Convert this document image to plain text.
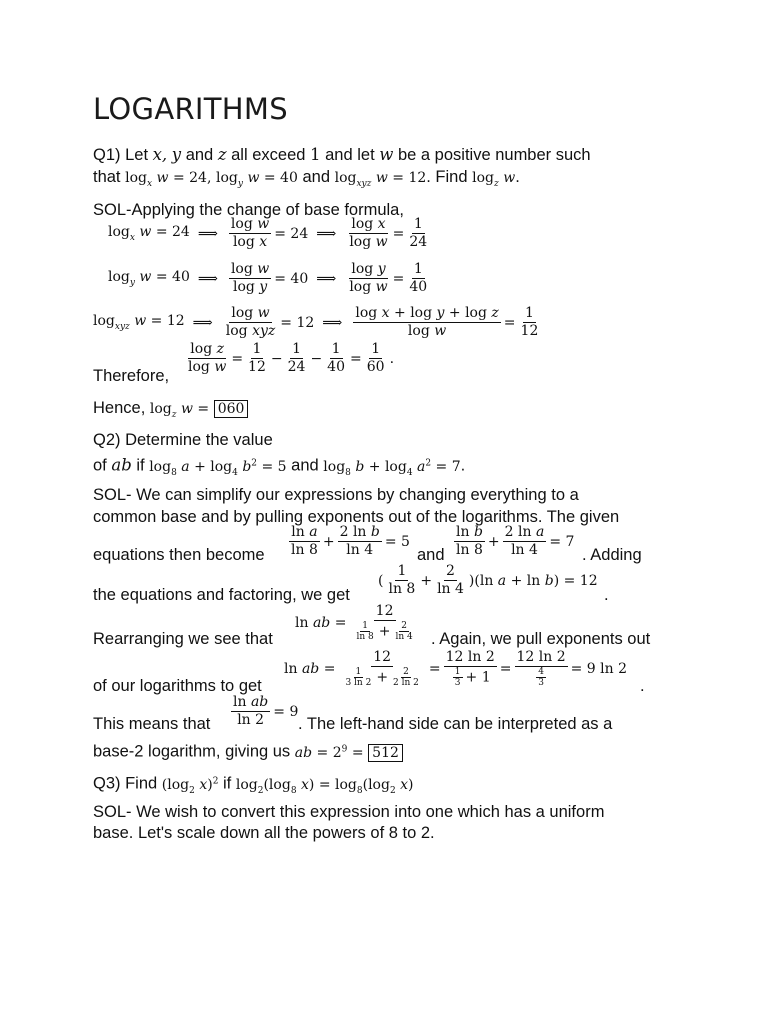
LOGARITHMS
Q1) Let x, y and z all exceed 1 and let w be a positive number such
that $\log_x w = 24$, $\log_y w = 40$ and $\log_{xyz} w = 12$. Find $\log_z w$.
SOL-Applying the change of base formula,
$\log_x w = 24$ ⟹ $\frac{\text{log w}}{\text{log x}} = 24$ ⟹ $\frac{\text{log x}}{\text{log w}} = \frac{1}{24}$
$\log_y w = 40$ ⟹ $\frac{\text{log w}}{\text{log y}} = 40$ ⟹ $\frac{\text{log y}}{\text{log w}} = \frac{1}{40}$
$\log_{xyz} w = 12$ ⟹ $\frac{\text{log w}}{\text{log xyz}} = 12$ ⟹ $\frac{\text{log x + log y + log z}}{\text{log w}} = \frac{1}{12}$
Therefore, $\frac{\text{log z}}{\text{log w}} = \frac{1}{12} - \frac{1}{24} - \frac{1}{40} = \frac{1}{60}$ .
Hence, $\log_z w = 060$
Q2) Determine the value
of ab if $\log_8 a + \log_4 b^2 = 5$ and $\log_8 b + \log_4 a^2 = 7$.
SOL- We can simplify our expressions by changing everything to a
common base and by pulling exponents out of the logarithms. The given
equations then become $\frac{\text{ln a}}{\ln 8} + \frac{\text{2 ln b}}{\ln 4} = 5$
and $\frac{\text{ln b}}{\ln 8} + \frac{\text{2 ln a}}{\ln 4} = 7$
. Adding
the equations and factoring, we get
( $\frac{1}{\ln 8} + \frac{2}{\ln 4} )(\ln$ a + ln b) = 12
.
Rearranging we see that
ln ab = $\frac{12}{\frac{1}{\ln 8} + \frac{2}{\ln 4}}$ . Again, we pull exponents out
of our logarithms to get
ln ab = $\frac{12}{\frac{1}{3 \ln 2} + \frac{2}{2 \ln 2}} = \frac{12 \ln 2}{\frac{1}{3} + 1} = \frac{12 \ln 2}{\frac{4}{3}} = 9$ ln 2
.
This means that $\frac{\text{ln ab}}{\ln 2} = 9$
. The left-hand side can be interpreted as a
base-2 logarithm, giving us ab = $2^9 = 512$
Q3) Find ($\log_2$ x)$^2$ if $\log_2(\log_8$ $x) = \log_8(\log_2$ x)
SOL- We wish to convert this expression into one which has a uniform
base. Let's scale down all the powers of 8 to 2.
